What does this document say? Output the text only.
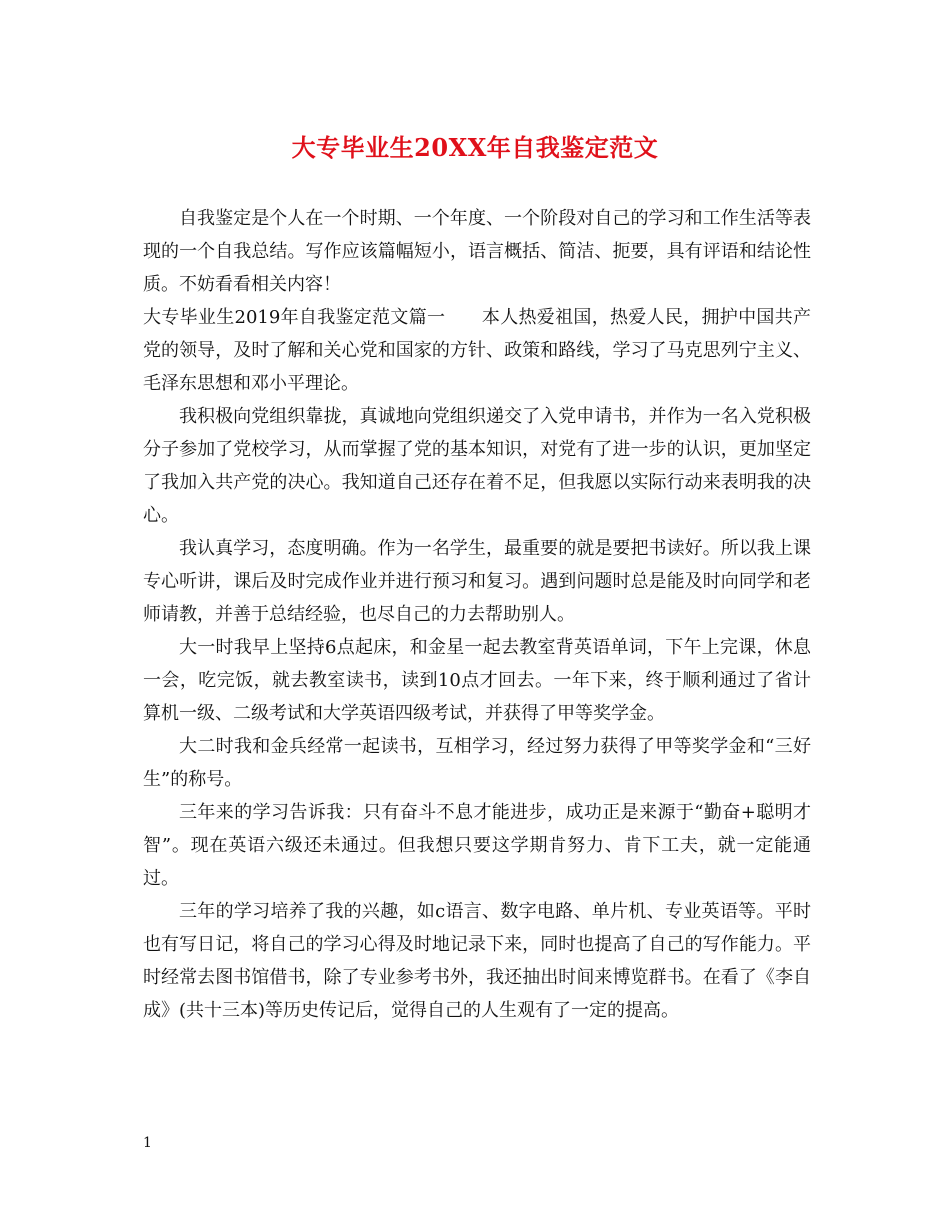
大专毕业生20XX年自我鉴定范文

自我鉴定是个人在一个时期、一个年度、一个阶段对自己的学习和工作生活等表现的一个自我总结。写作应该篇幅短小，语言概括、简洁、扼要，具有评语和结论性质。不妨看看相关内容！

大专毕业生2019年自我鉴定范文篇一　　本人热爱祖国，热爱人民，拥护中国共产党的领导，及时了解和关心党和国家的方针、政策和路线，学习了马克思列宁主义、毛泽东思想和邓小平理论。

我积极向党组织靠拢，真诚地向党组织递交了入党申请书，并作为一名入党积极分子参加了党校学习，从而掌握了党的基本知识，对党有了进一步的认识，更加坚定了我加入共产党的决心。我知道自己还存在着不足，但我愿以实际行动来表明我的决心。

我认真学习，态度明确。作为一名学生，最重要的就是要把书读好。所以我上课专心听讲，课后及时完成作业并进行预习和复习。遇到问题时总是能及时向同学和老师请教，并善于总结经验，也尽自己的力去帮助别人。

大一时我早上坚持6点起床，和金星一起去教室背英语单词，下午上完课，休息一会，吃完饭，就去教室读书，读到10点才回去。一年下来，终于顺利通过了省计算机一级、二级考试和大学英语四级考试，并获得了甲等奖学金。

大二时我和金兵经常一起读书，互相学习，经过努力获得了甲等奖学金和“三好生”的称号。

三年来的学习告诉我：只有奋斗不息才能进步，成功正是来源于“勤奋+聪明才智”。现在英语六级还未通过。但我想只要这学期肯努力、肯下工夫，就一定能通过。

三年的学习培养了我的兴趣，如c语言、数字电路、单片机、专业英语等。平时也有写日记，将自己的学习心得及时地记录下来，同时也提高了自己的写作能力。平时经常去图书馆借书，除了专业参考书外，我还抽出时间来博览群书。在看了《李自成》(共十三本)等历史传记后，觉得自己的人生观有了一定的提高。

1
